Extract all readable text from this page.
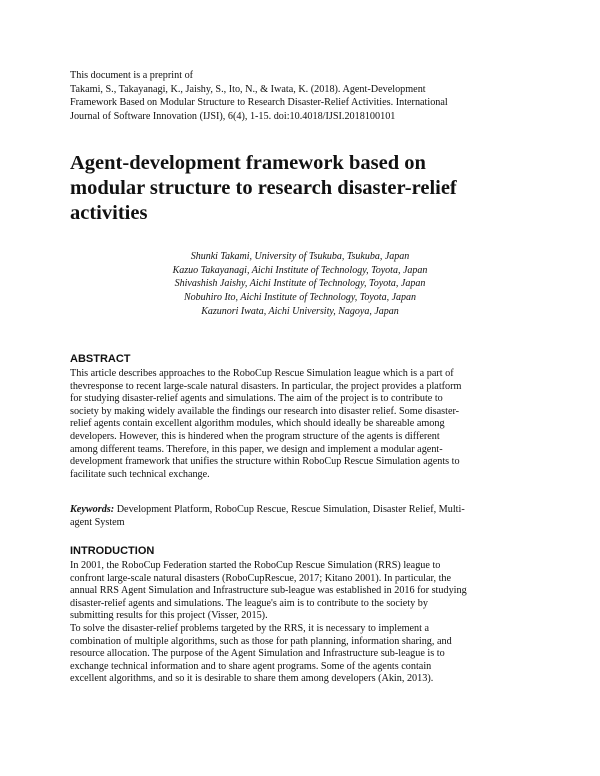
This document is a preprint of
Takami, S., Takayanagi, K., Jaishy, S., Ito, N., & Iwata, K. (2018). Agent-Development
Framework Based on Modular Structure to Research Disaster-Relief Activities. International
Journal of Software Innovation (IJSI), 6(4), 1-15. doi:10.4018/IJSI.2018100101
Agent-development framework based on
modular structure to research disaster-relief
activities
Shunki Takami, University of Tsukuba, Tsukuba, Japan
Kazuo Takayanagi, Aichi Institute of Technology, Toyota, Japan
Shivashish Jaishy, Aichi Institute of Technology, Toyota, Japan
Nobuhiro Ito, Aichi Institute of Technology, Toyota, Japan
Kazunori Iwata, Aichi University, Nagoya, Japan
ABSTRACT
This article describes approaches to the RoboCup Rescue Simulation league which is a part of
thevresponse to recent large-scale natural disasters. In particular, the project provides a platform
for studying disaster-relief agents and simulations. The aim of the project is to contribute to
society by making widely available the findings our research into disaster relief. Some disaster-
relief agents contain excellent algorithm modules, which should ideally be shareable among
developers. However, this is hindered when the program structure of the agents is different
among different teams. Therefore, in this paper, we design and implement a modular agent-
development framework that unifies the structure within RoboCup Rescue Simulation agents to
facilitate such technical exchange.
Keywords: Development Platform, RoboCup Rescue, Rescue Simulation, Disaster Relief, Multi-
agent System
INTRODUCTION
In 2001, the RoboCup Federation started the RoboCup Rescue Simulation (RRS) league to
confront large-scale natural disasters (RoboCupRescue, 2017; Kitano 2001). In particular, the
annual RRS Agent Simulation and Infrastructure sub-league was established in 2016 for studying
disaster-relief agents and simulations. The league's aim is to contribute to the society by
submitting results for this project (Visser, 2015).
To solve the disaster-relief problems targeted by the RRS, it is necessary to implement a
combination of multiple algorithms, such as those for path planning, information sharing, and
resource allocation. The purpose of the Agent Simulation and Infrastructure sub-league is to
exchange technical information and to share agent programs. Some of the agents contain
excellent algorithms, and so it is desirable to share them among developers (Akin, 2013).
